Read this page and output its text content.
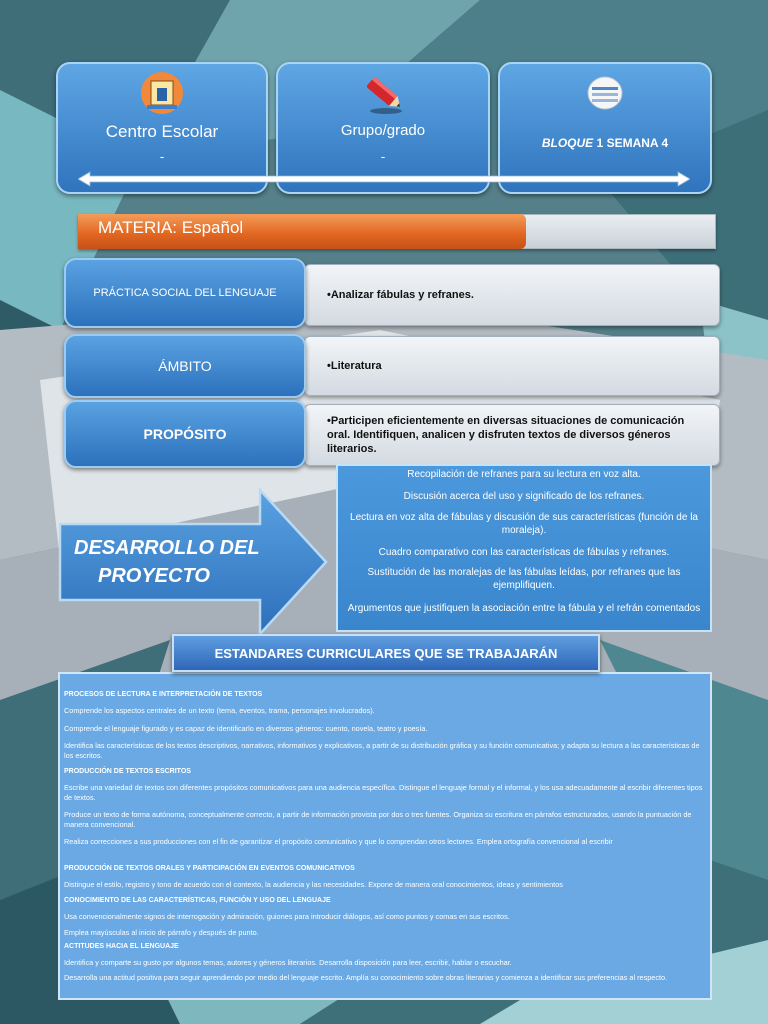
Centro Escolar
-
Grupo/grado
-
BLOQUE 1 SEMANA 4
MATERIA: Español
•Analizar fábulas y refranes.
PRÁCTICA SOCIAL DEL LENGUAJE
•Literatura
ÁMBITO
•Participen eficientemente en diversas situaciones de comunicación oral. Identifiquen, analicen y disfruten textos de diversos géneros literarios.
PROPÓSITO
DESARROLLO DEL
PROYECTO
Recopilación de refranes para su lectura en voz alta.
Discusión acerca del uso y significado de los refranes.
Lectura en voz alta de fábulas y discusión de sus características (función de la moraleja).
Cuadro comparativo con las características de fábulas y refranes.
Sustitución de las moralejas de las fábulas leídas, por refranes que las ejemplifiquen.
Argumentos que justifiquen la asociación entre la fábula y el refrán comentados
ESTANDARES CURRICULARES QUE SE TRABAJARÁN
PROCESOS DE LECTURA E INTERPRETACIÓN DE TEXTOS
Comprende los aspectos centrales de un texto (tema, eventos, trama, personajes involucrados).
Comprende el lenguaje figurado y es capaz de identificarlo en diversos géneros: cuento, novela, teatro y poesía.
Identifica las características de los textos descriptivos, narrativos, informativos y explicativos, a partir de su distribución gráfica y su función comunicativa; y adapta su lectura a las características de los escritos.
PRODUCCIÓN DE TEXTOS ESCRITOS
Escribe una variedad de textos con diferentes propósitos comunicativos para una audiencia específica. Distingue el lenguaje formal y el informal, y los usa adecuadamente al escribir diferentes tipos de textos.
Produce un texto de forma autónoma, conceptualmente correcto, a partir de información provista por dos o tres fuentes. Organiza su escritura en párrafos estructurados, usando la puntuación de manera convencional.
Realiza correcciones a sus producciones con el fin de garantizar el propósito comunicativo y que lo comprendan otros lectores. Emplea ortografía convencional al escribir
PRODUCCIÓN DE TEXTOS ORALES Y PARTICIPACIÓN EN EVENTOS COMUNICATIVOS
Distingue el estilo, registro y tono de acuerdo con el contexto, la audiencia y las necesidades. Expone de manera oral conocimientos, ideas y sentimientos
CONOCIMIENTO DE LAS CARACTERÍSTICAS, FUNCIÓN Y USO DEL LENGUAJE
Usa convencionalmente signos de interrogación y admiración, guiones para introducir diálogos, así como puntos y comas en sus escritos.
Emplea mayúsculas al inicio de párrafo y después de punto.
ACTITUDES HACIA EL LENGUAJE
Identifica y comparte su gusto por algunos temas, autores y géneros literarios. Desarrolla disposición para leer, escribir, hablar o escuchar.
Desarrolla una actitud positiva para seguir aprendiendo por medio del lenguaje escrito. Amplía su conocimiento sobre obras literarias y comienza a identificar sus preferencias al respecto.
